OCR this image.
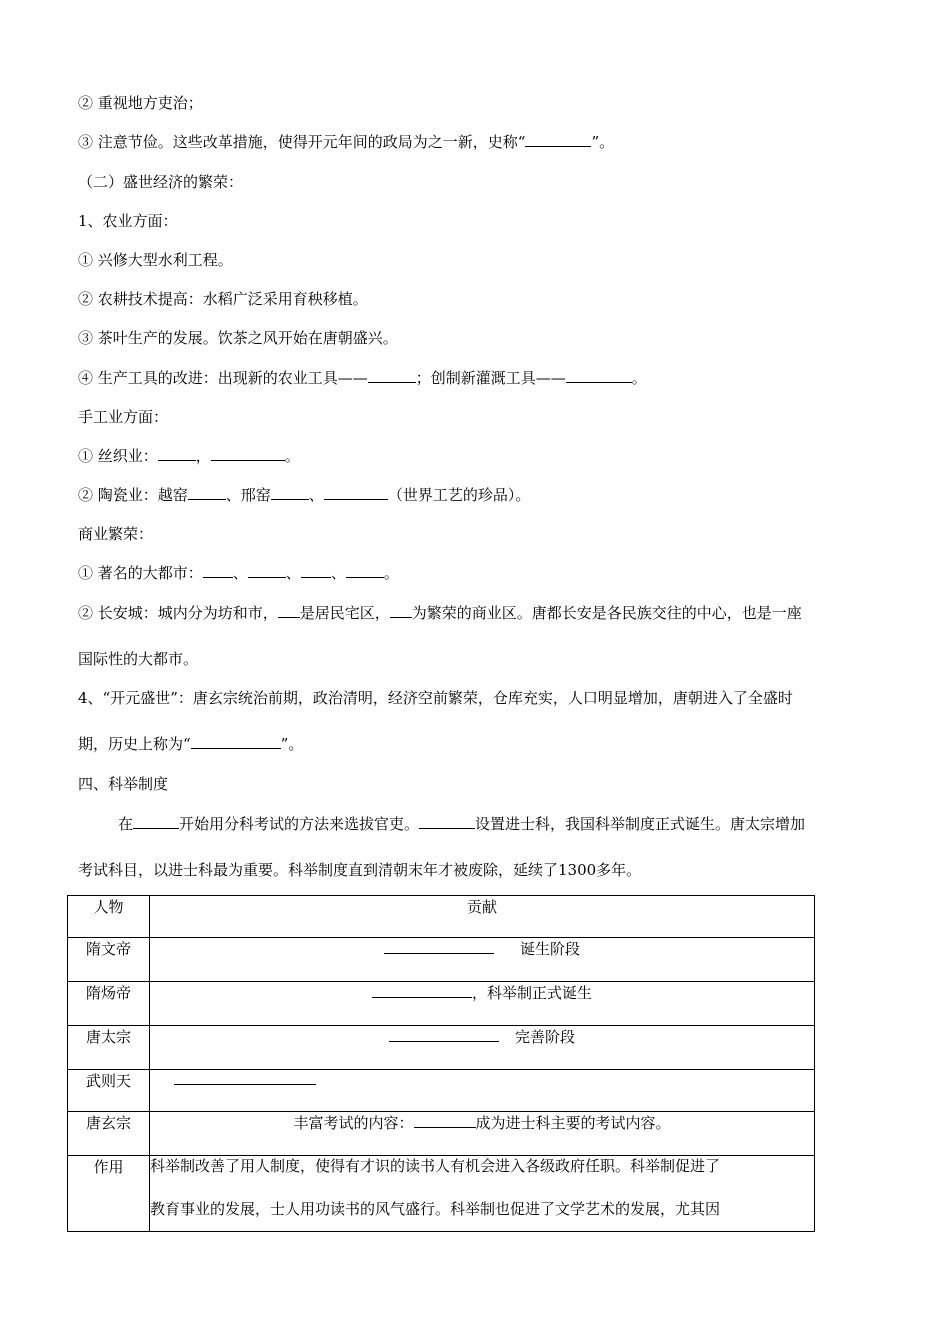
② 重视地方吏治；
③ 注意节俭。这些改革措施，使得开元年间的政局为之一新，史称“	”。
（二）盛世经济的繁荣：
1、农业方面：
① 兴修大型水利工程。
② 农耕技术提高：水稻广泛采用育秧移植。
③ 茶叶生产的发展。饮茶之风开始在唐朝盛兴。
④ 生产工具的改进：出现新的农业工具——	；创制新灌溉工具——	。
手工业方面：
① 丝织业：	，	。
② 陶瓷业：越窑	、邢窑	、	（世界工艺的珍品）。
商业繁荣：
① 著名的大都市： 、	、 、	。
② 长安城：城内分为坊和市， 是居民宅区， 为繁荣的商业区。唐都长安是各民族交往的中心，也是一座
国际性的大都市。
4、“开元盛世”：唐玄宗统治前期，政治清明，经济空前繁荣，仓库充实，人口明显增加，唐朝进入了全盛时
期，历史上称为“	”。
四、科举制度
在	开始用分科考试的方法来选拔官吏。	设置进士科，我国科举制度正式诞生。唐太宗增加
考试科目，以进士科最为重要。科举制度直到清朝末年才被废除，延续了1300多年。
人物	贡献
隋文帝	诞生阶段
隋炀帝	，科举制正式诞生
唐太宗	完善阶段
武则天	
唐玄宗	丰富考试的内容： 成为进士科主要的考试内容。
作用	科举制改善了用人制度，使得有才识的读书人有机会进入各级政府任职。科举制促进了
教育事业的发展，士人用功读书的风气盛行。科举制也促进了文学艺术的发展，尤其因
